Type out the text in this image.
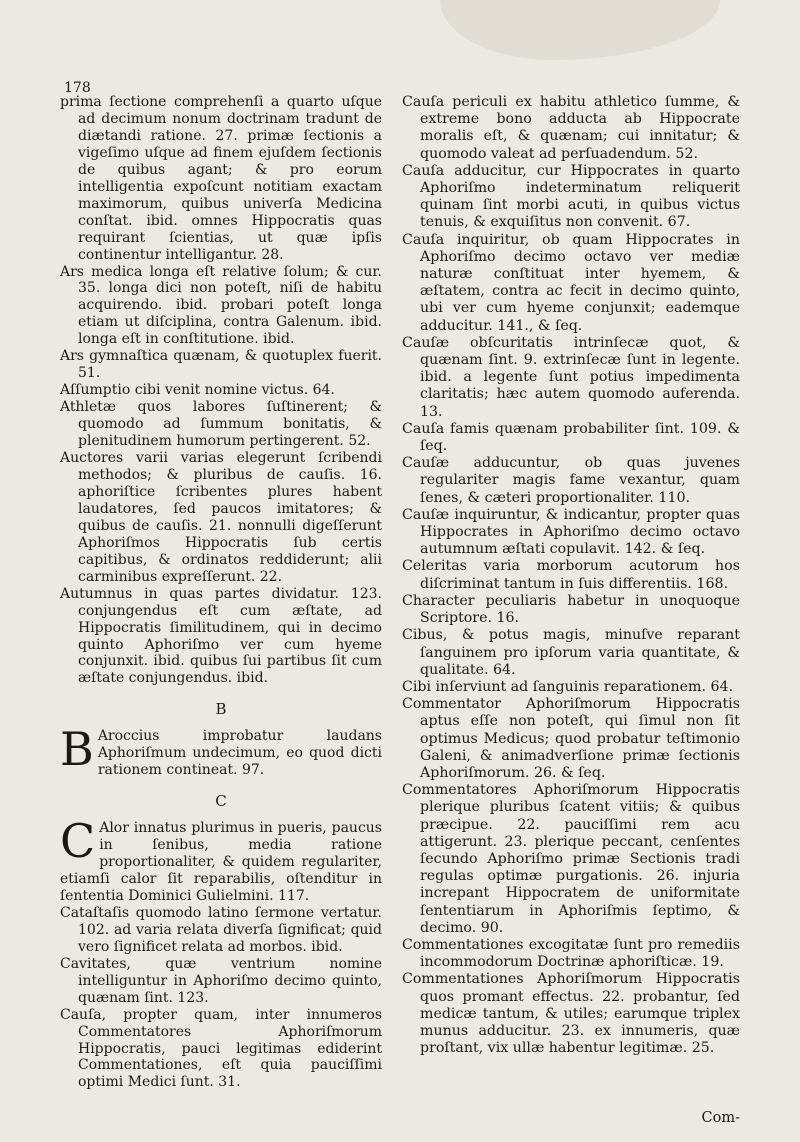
178

prima ſectione comprehenſi a quarto uſque ad decimum nonum doctrinam tradunt de diætandi ratione. 27. primæ ſectionis a vigeſimo uſque ad finem ejuſdem ſectionis de quibus agant; & pro eorum intelligentia expoſcunt notitiam exactam maximorum, quibus univerſa Medicina conſtat. ibid. omnes Hippocratis quas requirant ſcientias, ut quæ ipſis continentur intelligantur. 28.

Ars medica longa eſt relative ſolum; & cur. 35. longa dici non poteſt, niſi de habitu acquirendo. ibid. probari poteſt longa etiam ut diſciplina, contra Galenum. ibid. longa eſt in conſtitutione. ibid.

Ars gymnaſtica quænam, & quotuplex fuerit. 51.

Aſſumptio cibi venit nomine victus. 64.

Athletæ quos labores ſuſtinerent; & quomodo ad ſummum bonitatis, & plenitudinem humorum pertingerent. 52.

Auctores varii varias elegerunt ſcribendi methodos; & pluribus de cauſis. 16. aphoriſtice ſcribentes plures habent laudatores, ſed paucos imitatores; & quibus de cauſis. 21. nonnulli digeſſerunt Aphoriſmos Hippocratis ſub certis capitibus, & ordinatos reddiderunt; alii carminibus expreſſerunt. 22.

Autumnus in quas partes dividatur. 123. conjungendus eſt cum æſtate, ad Hippocratis ſimilitudinem, qui in decimo quinto Aphoriſmo ver cum hyeme conjunxit. ibid. quibus ſui partibus ſit cum æſtate conjungendus. ibid.

B

B Aroccius improbatur laudans Aphoriſmum undecimum, eo quod dicti rationem contineat. 97.

C

C Alor innatus plurimus in pueris, paucus in ſenibus, media ratione proportionaliter, & quidem regulariter, etiamſi calor ſit reparabilis, oſtenditur in ſententia Dominici Gulielmini. 117.

Cataſtaſis quomodo latino ſermone vertatur. 102. ad varia relata diverſa ſignificat; quid vero ſignificet relata ad morbos. ibid.

Cavitates, quæ ventrium nomine intelliguntur in Aphoriſmo decimo quinto, quænam ſint. 123.

Cauſa, propter quam, inter innumeros Commentatores Aphoriſmorum Hippocratis, pauci legitimas ediderint Commentationes, eſt quia pauciſſimi optimi Medici ſunt. 31.

Cauſa periculi ex habitu athletico ſumme, & extreme bono adducta ab Hippocrate moralis eſt, & quænam; cui innitatur; & quomodo valeat ad perſuadendum. 52.

Cauſa adducitur, cur Hippocrates in quarto Aphoriſmo indeterminatum reliquerit quinam ſint morbi acuti, in quibus victus tenuis, & exquiſitus non convenit. 67.

Cauſa inquiritur, ob quam Hippocrates in Aphoriſmo decimo octavo ver mediæ naturæ conſtituat inter hyemem, & æſtatem, contra ac fecit in decimo quinto, ubi ver cum hyeme conjunxit; eademque adducitur. 141., & ſeq.

Cauſæ obſcuritatis intrinſecæ quot, & quænam ſint. 9. extrinſecæ ſunt in legente. ibid. a legente ſunt potius impedimenta claritatis; hæc autem quomodo auferenda. 13.

Cauſa famis quænam probabiliter ſint. 109. & ſeq.

Cauſæ adducuntur, ob quas juvenes regulariter magis fame vexantur, quam ſenes, & cæteri proportionaliter. 110.

Cauſæ inquiruntur, & indicantur, propter quas Hippocrates in Aphoriſmo decimo octavo autumnum æſtati copulavit. 142. & ſeq.

Celeritas varia morborum acutorum hos diſcriminat tantum in ſuis differentiis. 168.

Character peculiaris habetur in unoquoque Scriptore. 16.

Cibus, & potus magis, minuſve reparant ſanguinem pro ipſorum varia quantitate, & qualitate. 64.

Cibi inſerviunt ad ſanguinis reparationem. 64.

Commentator Aphoriſmorum Hippocratis aptus eſſe non poteſt, qui ſimul non ſit optimus Medicus; quod probatur teſtimonio Galeni, & animadverſione primæ ſectionis Aphoriſmorum. 26. & ſeq.

Commentatores Aphoriſmorum Hippocratis plerique pluribus ſcatent vitiis; & quibus præcipue. 22. pauciſſimi rem acu attigerunt. 23. plerique peccant, cenſentes ſecundo Aphoriſmo primæ Sectionis tradi regulas optimæ purgationis. 26. injuria increpant Hippocratem de uniformitate ſententiarum in Aphoriſmis ſeptimo, & decimo. 90.

Commentationes excogitatæ ſunt pro remediis incommodorum Doctrinæ aphoriſticæ. 19.

Commentationes Aphoriſmorum Hippocratis quos promant effectus. 22. probantur, ſed medicæ tantum, & utiles; earumque triplex munus adducitur. 23. ex innumeris, quæ proſtant, vix ullæ habentur legitimæ. 25.

Com-
